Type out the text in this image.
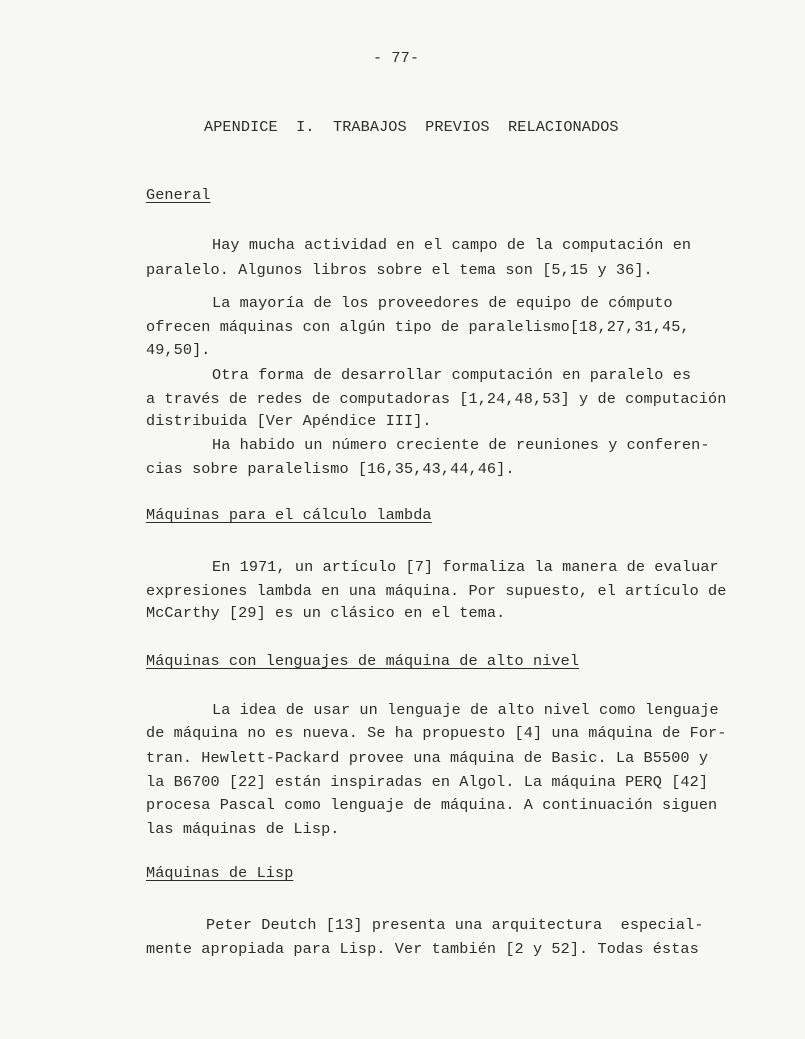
- 77-
APENDICE  I.  TRABAJOS  PREVIOS  RELACIONADOS
General
Hay mucha actividad en el campo de la computación en
paralelo. Algunos libros sobre el tema son [5,15 y 36].
La mayoría de los proveedores de equipo de cómputo
ofrecen máquinas con algún tipo de paralelismo[18,27,31,45,
49,50].
Otra forma de desarrollar computación en paralelo es
a través de redes de computadoras [1,24,48,53] y de computación
distribuida [Ver Apéndice III].
Ha habido un número creciente de reuniones y conferen-
cias sobre paralelismo [16,35,43,44,46].
Máquinas para el cálculo lambda
En 1971, un artículo [7] formaliza la manera de evaluar
expresiones lambda en una máquina. Por supuesto, el artículo de
McCarthy [29] es un clásico en el tema.
Máquinas con lenguajes de máquina de alto nivel
La idea de usar un lenguaje de alto nivel como lenguaje
de máquina no es nueva. Se ha propuesto [4] una máquina de For-
tran. Hewlett-Packard provee una máquina de Basic. La B5500 y
la B6700 [22] están inspiradas en Algol. La máquina PERQ [42]
procesa Pascal como lenguaje de máquina. A continuación siguen
las máquinas de Lisp.
Máquinas de Lisp
Peter Deutch [13] presenta una arquitectura  especial-
mente apropiada para Lisp. Ver también [2 y 52]. Todas éstas
